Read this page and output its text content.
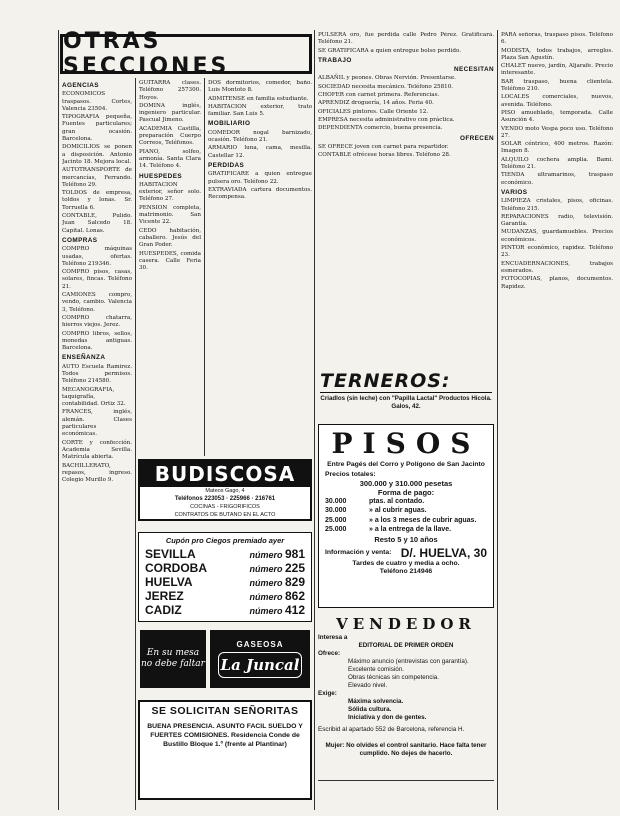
OTRAS SECCIONES
AGENCIAS

ECONOMICOS traspasos. Cortes, Valencia 23504.

TIPOGRAFIA pequeña, Fuentes particulares; gran ocasión. Barcelona.

DOMICILIOS se ponen a disposición. Antonio Jacinto 18. Mejora local.

AUTOTRANSPORTE de mercancías, Ferrando. Teléfono 29.

TOLDOS de empresa, toldos y lonas. Sr. Torruella 6.

CONTABLE, Pulido. Juan Salcedo 18. Capital. Lonas.

COMPRAS

COMPRO máquinas usadas, ofertas. Teléfono 219346.

COMPRO pisos, casas, solares, fincas. Teléfono 21.

CAMIONES compro, vendo, cambio. Valencia 3, Teléfono.

COMPRO chatarra, hierros viejos. Jerez.

COMPRO libros, sellos, monedas antiguas. Barcelona.

ENSEÑANZA

AUTO Escuela Ramirez. Todos permisos. Teléfono 214580.

MECANOGRAFIA, taquigrafía, contabilidad. Ortiz 32.

FRANCES, inglés, alemán. Clases particulares económicas.

CORTE y confección. Academia Sevilla. Matrícula abierta.

BACHILLERATO, repasos, ingreso. Colegio Murillo 9.

GUITARRA clases. Teléfono 257300. Hoyos.

DOMINA inglés, ingeniero particular. Pascual Jimeno.

ACADEMIA Castilla, preparación Cuerpo Correos, Teléfonos.

PIANO, solfeo, armonía. Santa Clara 14. Teléfono 4.

HUESPEDES

HABITACION exterior, señor solo. Teléfono 27.

PENSION completa, matrimonio. San Vicente 22.

CEDO habitación, caballero. Jesús del Gran Poder.

HUESPEDES, comida casera. Calle Feria 30.

DOS dormitorios, comedor, baño. Luis Montoto 8.

ADMITENSE en familia estudiante.

HABITACION exterior, trato familiar. San Luis 5.

MOBILIARIO

COMEDOR nogal barnizado, ocasión. Teléfono 21.

ARMARIO luna, cama, mesilla. Castellar 12.

PERDIDAS

GRATIFICARE a quien entregue pulsera oro. Teléfono 22.

EXTRAVIADA cartera documentos. Recompensa.

BUDISCOSA
Mateos Gago, 4
Teléfonos 223053 · 225966 · 216761
COCINAS - FRIGORIFICOS
CONTRATOS DE BUTANO EN EL ACTO
Cupón pro Ciegos premiado ayer
SEVILLA	número 981
CORDOBA	número 225
HUELVA	número 829
JEREZ	número 862
CADIZ	número 412
En su mesa no debe faltar
GASEOSA
La Juncal
SE SOLICITAN SEÑORITAS
BUENA PRESENCIA. ASUNTO FACIL SUELDO Y FUERTES COMISIONES. Residencia Conde de Bustillo Bloque 1.º (frente al Plantinar)

PULSERA oro, fue perdida calle Pedro Pérez. Gratificará. Teléfono 21.

SE GRATIFICARA a quien entregue bolso perdido.

TRABAJO
NECESITAN

ALBAÑIL y peones. Obras Nervión. Presentarse.

SOCIEDAD necesita mecánico. Teléfono 25810.

CHOFER con carnet primera. Referencias.

APRENDIZ droguería, 14 años. Feria 40.

OFICIALES pintores. Calle Oriente 12.

EMPRESA necesita administrativo con práctica.

DEPENDIENTA comercio, buena presencia.

OFRECEN

SE OFRECE joven con carnet para repartidor.

CONTABLE ofrécese horas libres. Teléfono 28.

TERNEROS:
Criadlos (sin leche) con "Papilla Lactal" Productos Hicola. Galos, 42.
PISOS
Entre Pagés del Corro y Polígono de San Jacinto
Precios totales:
300.000 y 310.000 pesetas
Forma de pago:
30.000	ptas. al contado.
30.000	» al cubrir aguas.
25.000	» a los 3 meses de cubrir aguas.
25.000	» a la entrega de la llave.
Resto 5 y 10 años
Información y venta: D/. HUELVA, 30
Tardes de cuatro y media a ocho.
Teléfono 214946
VENDEDOR
Interesa a
EDITORIAL DE PRIMER ORDEN
Ofrece:
Máximo anuncio (entrevistas con garantía).
Excelente comisión.
Obras técnicas sin competencia.
Elevado nivel.
Exige:
Máxima solvencia.
Sólida cultura.
Iniciativa y don de gentes.
Escribid al apartado 552 de Barcelona, referencia H.
Mujer: No olvides el control sanitario. Hace falta tener cumplido. No dejes de hacerlo.

PARA señoras, traspaso pisos. Teléfono 6.

MODISTA, todos trabajos, arreglos. Plaza San Agustín.

CHALET nuevo, jardín, Aljarafe. Precio interesante.

BAR traspaso, buena clientela. Teléfono 210.

LOCALES comerciales, nuevos, avenida. Teléfono.

PISO amueblado, temporada. Calle Asunción 4.

VENDO moto Vespa poco uso. Teléfono 27.

SOLAR céntrico, 400 metros. Razón: Imagen 8.

ALQUILO cochera amplia. Bami. Teléfono 21.

TIENDA ultramarinos, traspaso económico.

VARIOS

LIMPIEZA cristales, pisos, oficinas. Teléfono 215.

REPARACIONES radio, televisión. Garantía.

MUDANZAS, guardamuebles. Precios económicos.

PINTOR económico, rapidez. Teléfono 23.

ENCUADERNACIONES, trabajos esmerados.

FOTOCOPIAS, planos, documentos. Rapidez.
